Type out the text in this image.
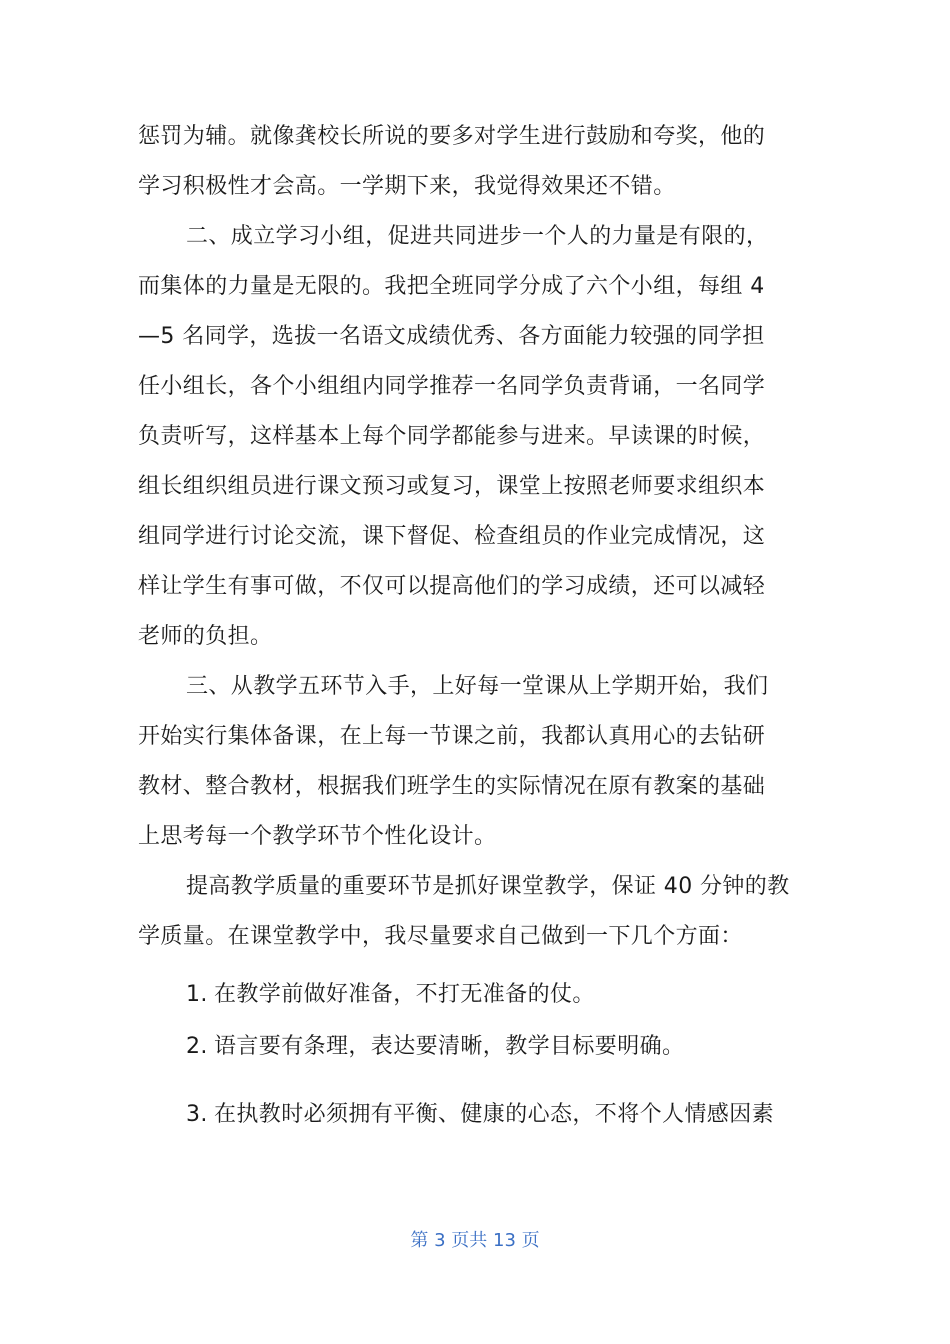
惩罚为辅。就像龚校长所说的要多对学生进行鼓励和夸奖，他的
学习积极性才会高。一学期下来，我觉得效果还不错。
二、成立学习小组，促进共同进步一个人的力量是有限的，
而集体的力量是无限的。我把全班同学分成了六个小组，每组 4
—5 名同学，选拔一名语文成绩优秀、各方面能力较强的同学担
任小组长，各个小组组内同学推荐一名同学负责背诵，一名同学
负责听写，这样基本上每个同学都能参与进来。早读课的时候，
组长组织组员进行课文预习或复习，课堂上按照老师要求组织本
组同学进行讨论交流，课下督促、检查组员的作业完成情况，这
样让学生有事可做，不仅可以提高他们的学习成绩，还可以减轻
老师的负担。
三、从教学五环节入手，上好每一堂课从上学期开始，我们
开始实行集体备课，在上每一节课之前，我都认真用心的去钻研
教材、整合教材，根据我们班学生的实际情况在原有教案的基础
上思考每一个教学环节个性化设计。
提高教学质量的重要环节是抓好课堂教学，保证 40 分钟的教
学质量。在课堂教学中，我尽量要求自己做到一下几个方面：
1. 在教学前做好准备，不打无准备的仗。
2. 语言要有条理，表达要清晰，教学目标要明确。
3. 在执教时必须拥有平衡、健康的心态，不将个人情感因素
第 3 页共 13 页
